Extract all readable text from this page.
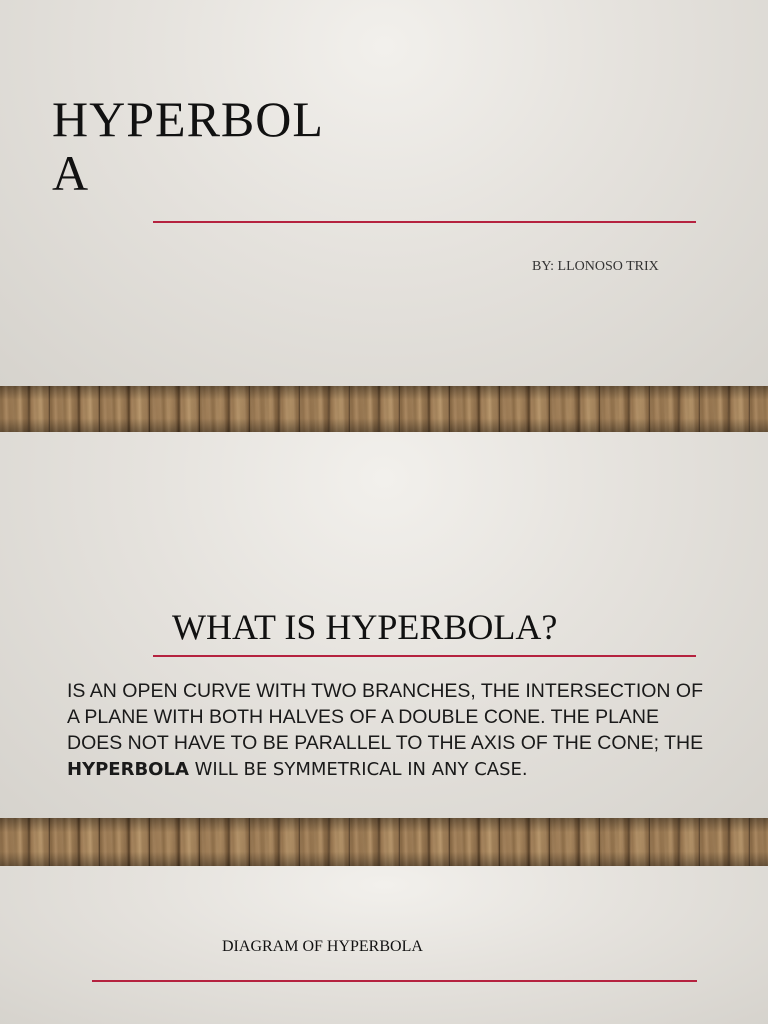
HYPERBOLA
BY: LLONOSO TRIX
WHAT IS HYPERBOLA?

IS AN OPEN CURVE WITH TWO BRANCHES, THE INTERSECTION OF A PLANE WITH BOTH HALVES OF A DOUBLE CONE. THE PLANE DOES NOT HAVE TO BE PARALLEL TO THE AXIS OF THE CONE; THE HYPERBOLA WILL BE SYMMETRICAL IN ANY CASE.

DIAGRAM OF HYPERBOLA
